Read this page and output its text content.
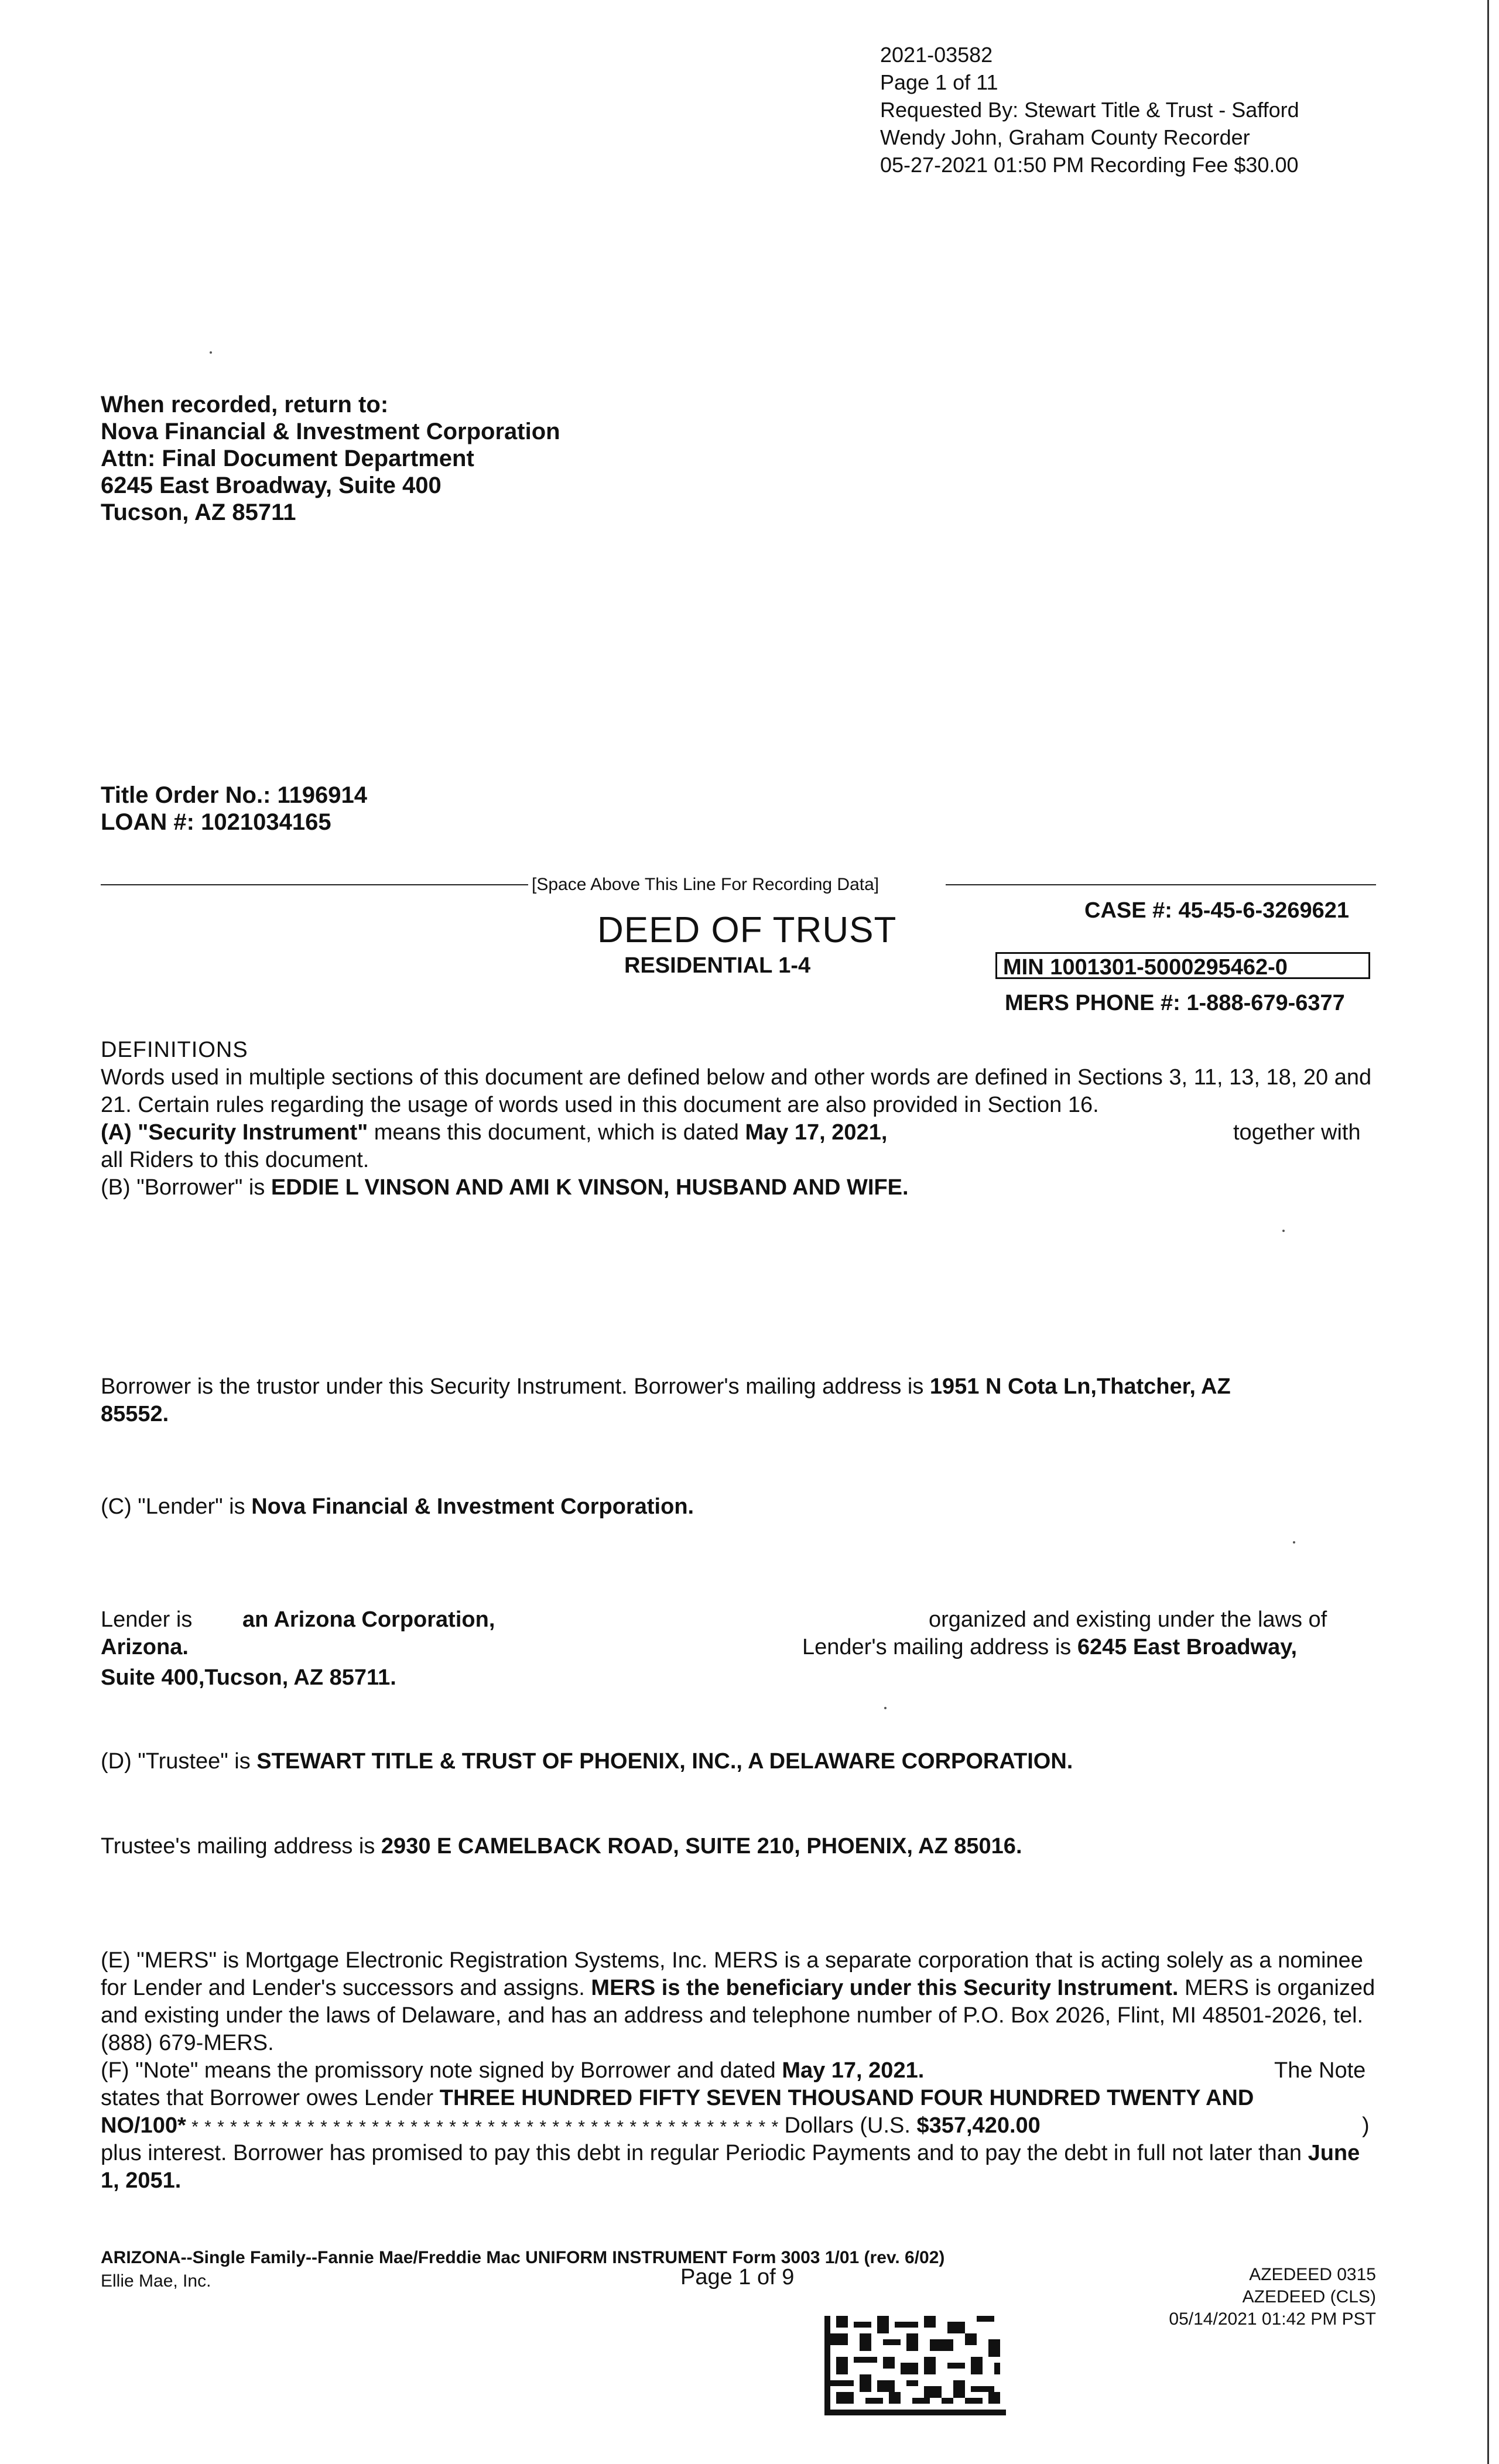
2021-03582
Page 1 of 11
Requested By: Stewart Title & Trust - Safford
Wendy John, Graham County Recorder
05-27-2021 01:50 PM Recording Fee $30.00
When recorded, return to:
Nova Financial & Investment Corporation
Attn: Final Document Department
6245 East Broadway, Suite 400
Tucson, AZ 85711
Title Order No.: 1196914
LOAN #: 1021034165
[Space Above This Line For Recording Data]
CASE #: 45-45-6-3269621
DEED OF TRUST
RESIDENTIAL 1-4	MIN 1001301-5000295462-0
MERS PHONE #: 1-888-679-6377
DEFINITIONS
Words used in multiple sections of this document are defined below and other words are defined in Sections 3, 11, 13, 18, 20 and 21. Certain rules regarding the usage of words used in this document are also provided in Section 16.
(A) "Security Instrument" means this document, which is dated May 17, 2021,	together with
all Riders to this document.
(B) "Borrower" is EDDIE L VINSON AND AMI K VINSON, HUSBAND AND WIFE.
Borrower is the trustor under this Security Instrument. Borrower's mailing address is 1951 N Cota Ln,Thatcher, AZ
85552.
(C) "Lender" is Nova Financial & Investment Corporation.
Lender is an Arizona Corporation,	organized and existing under the laws of
Arizona.	Lender's mailing address is 6245 East Broadway,
Suite 400,Tucson, AZ 85711.
(D) "Trustee" is STEWART TITLE & TRUST OF PHOENIX, INC., A DELAWARE CORPORATION.
Trustee's mailing address is 2930 E CAMELBACK ROAD, SUITE 210, PHOENIX, AZ 85016.
(E) "MERS" is Mortgage Electronic Registration Systems, Inc. MERS is a separate corporation that is acting solely as a nominee for Lender and Lender's successors and assigns. MERS is the beneficiary under this Security Instrument. MERS is organized and existing under the laws of Delaware, and has an address and telephone number of P.O. Box 2026, Flint, MI 48501-2026, tel. (888) 679-MERS.
(F) "Note" means the promissory note signed by Borrower and dated May 17, 2021.	The Note
states that Borrower owes Lender THREE HUNDRED FIFTY SEVEN THOUSAND FOUR HUNDRED TWENTY AND
NO/100* * * * * * * * * * * * * * * * * * * * * * * * * * * * * * * * * * * * * * * * * * * * * * * Dollars (U.S. $357,420.00	)
plus interest. Borrower has promised to pay this debt in regular Periodic Payments and to pay the debt in full not later than June 1, 2051.
ARIZONA--Single Family--Fannie Mae/Freddie Mac UNIFORM INSTRUMENT Form 3003 1/01 (rev. 6/02)
Ellie Mae, Inc.	Page 1 of 9	AZEDEED 0315
AZEDEED (CLS)
05/14/2021 01:42 PM PST
